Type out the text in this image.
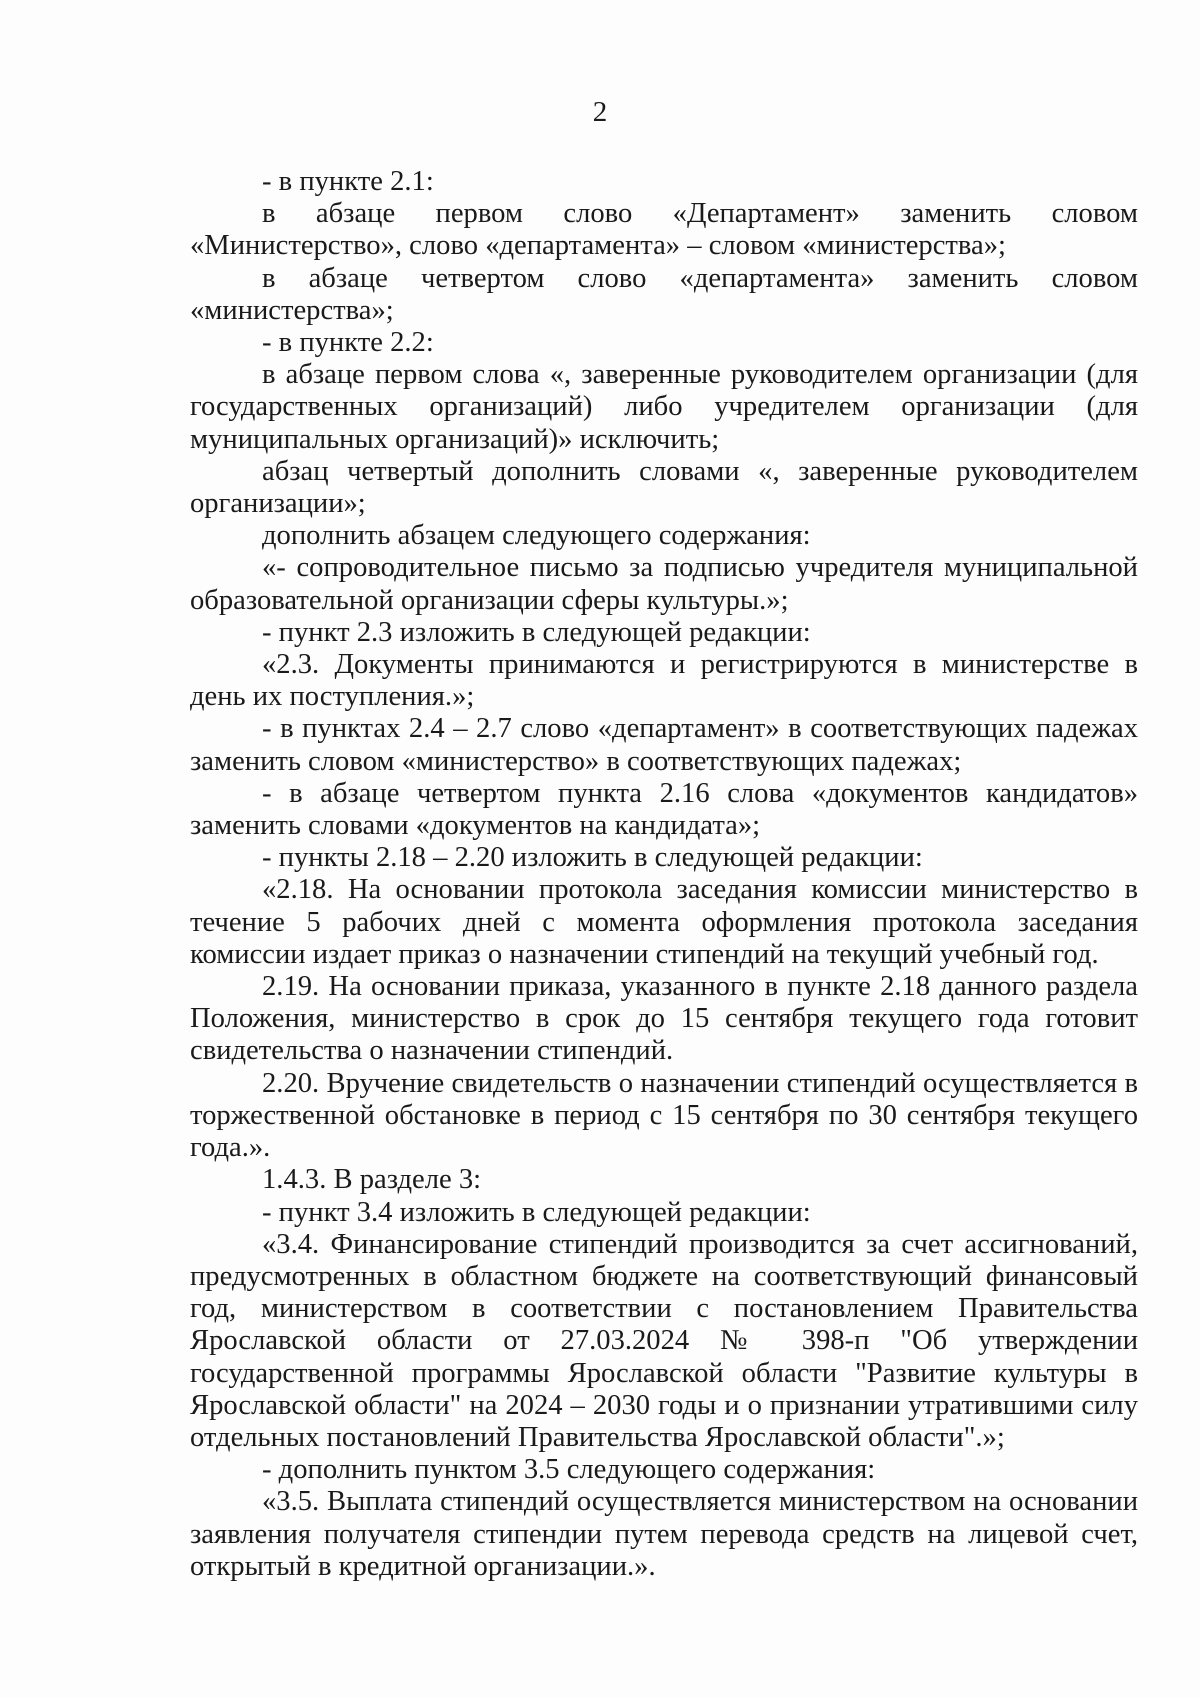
2

- в пункте 2.1:

в абзаце первом слово «Департамент» заменить словом «Министерство», слово «департамента» – словом «министерства»;

в абзаце четвертом слово «департамента» заменить словом «министерства»;

- в пункте 2.2:

в абзаце первом слова «, заверенные руководителем организации (для государственных организаций) либо учредителем организации (для муниципальных организаций)» исключить;

абзац четвертый дополнить словами «, заверенные руководителем организации»;

дополнить абзацем следующего содержания:

«- сопроводительное письмо за подписью учредителя муниципальной образовательной организации сферы культуры.»;

- пункт 2.3 изложить в следующей редакции:

«2.3. Документы принимаются и регистрируются в министерстве в день их поступления.»;

- в пунктах 2.4 – 2.7 слово «департамент» в соответствующих падежах заменить словом «министерство» в соответствующих падежах;

- в абзаце четвертом пункта 2.16 слова «документов кандидатов» заменить словами «документов на кандидата»;

- пункты 2.18 – 2.20 изложить в следующей редакции:

«2.18. На основании протокола заседания комиссии министерство в течение 5 рабочих дней с момента оформления протокола заседания комиссии издает приказ о назначении стипендий на текущий учебный год.

2.19. На основании приказа, указанного в пункте 2.18 данного раздела Положения, министерство в срок до 15 сентября текущего года готовит свидетельства о назначении стипендий.

2.20. Вручение свидетельств о назначении стипендий осуществляется в торжественной обстановке в период с 15 сентября по 30 сентября текущего года.».

1.4.3. В разделе 3:

- пункт 3.4 изложить в следующей редакции:

«3.4. Финансирование стипендий производится за счет ассигнований, предусмотренных в областном бюджете на соответствующий финансовый год, министерством в соответствии с постановлением Правительства Ярославской области от 27.03.2024 № 398-п "Об утверждении государственной программы Ярославской области "Развитие культуры в Ярославской области" на 2024 – 2030 годы и о признании утратившими силу отдельных постановлений Правительства Ярославской области".»;

- дополнить пунктом 3.5 следующего содержания:

«3.5. Выплата стипендий осуществляется министерством на основании заявления получателя стипендии путем перевода средств на лицевой счет, открытый в кредитной организации.».
